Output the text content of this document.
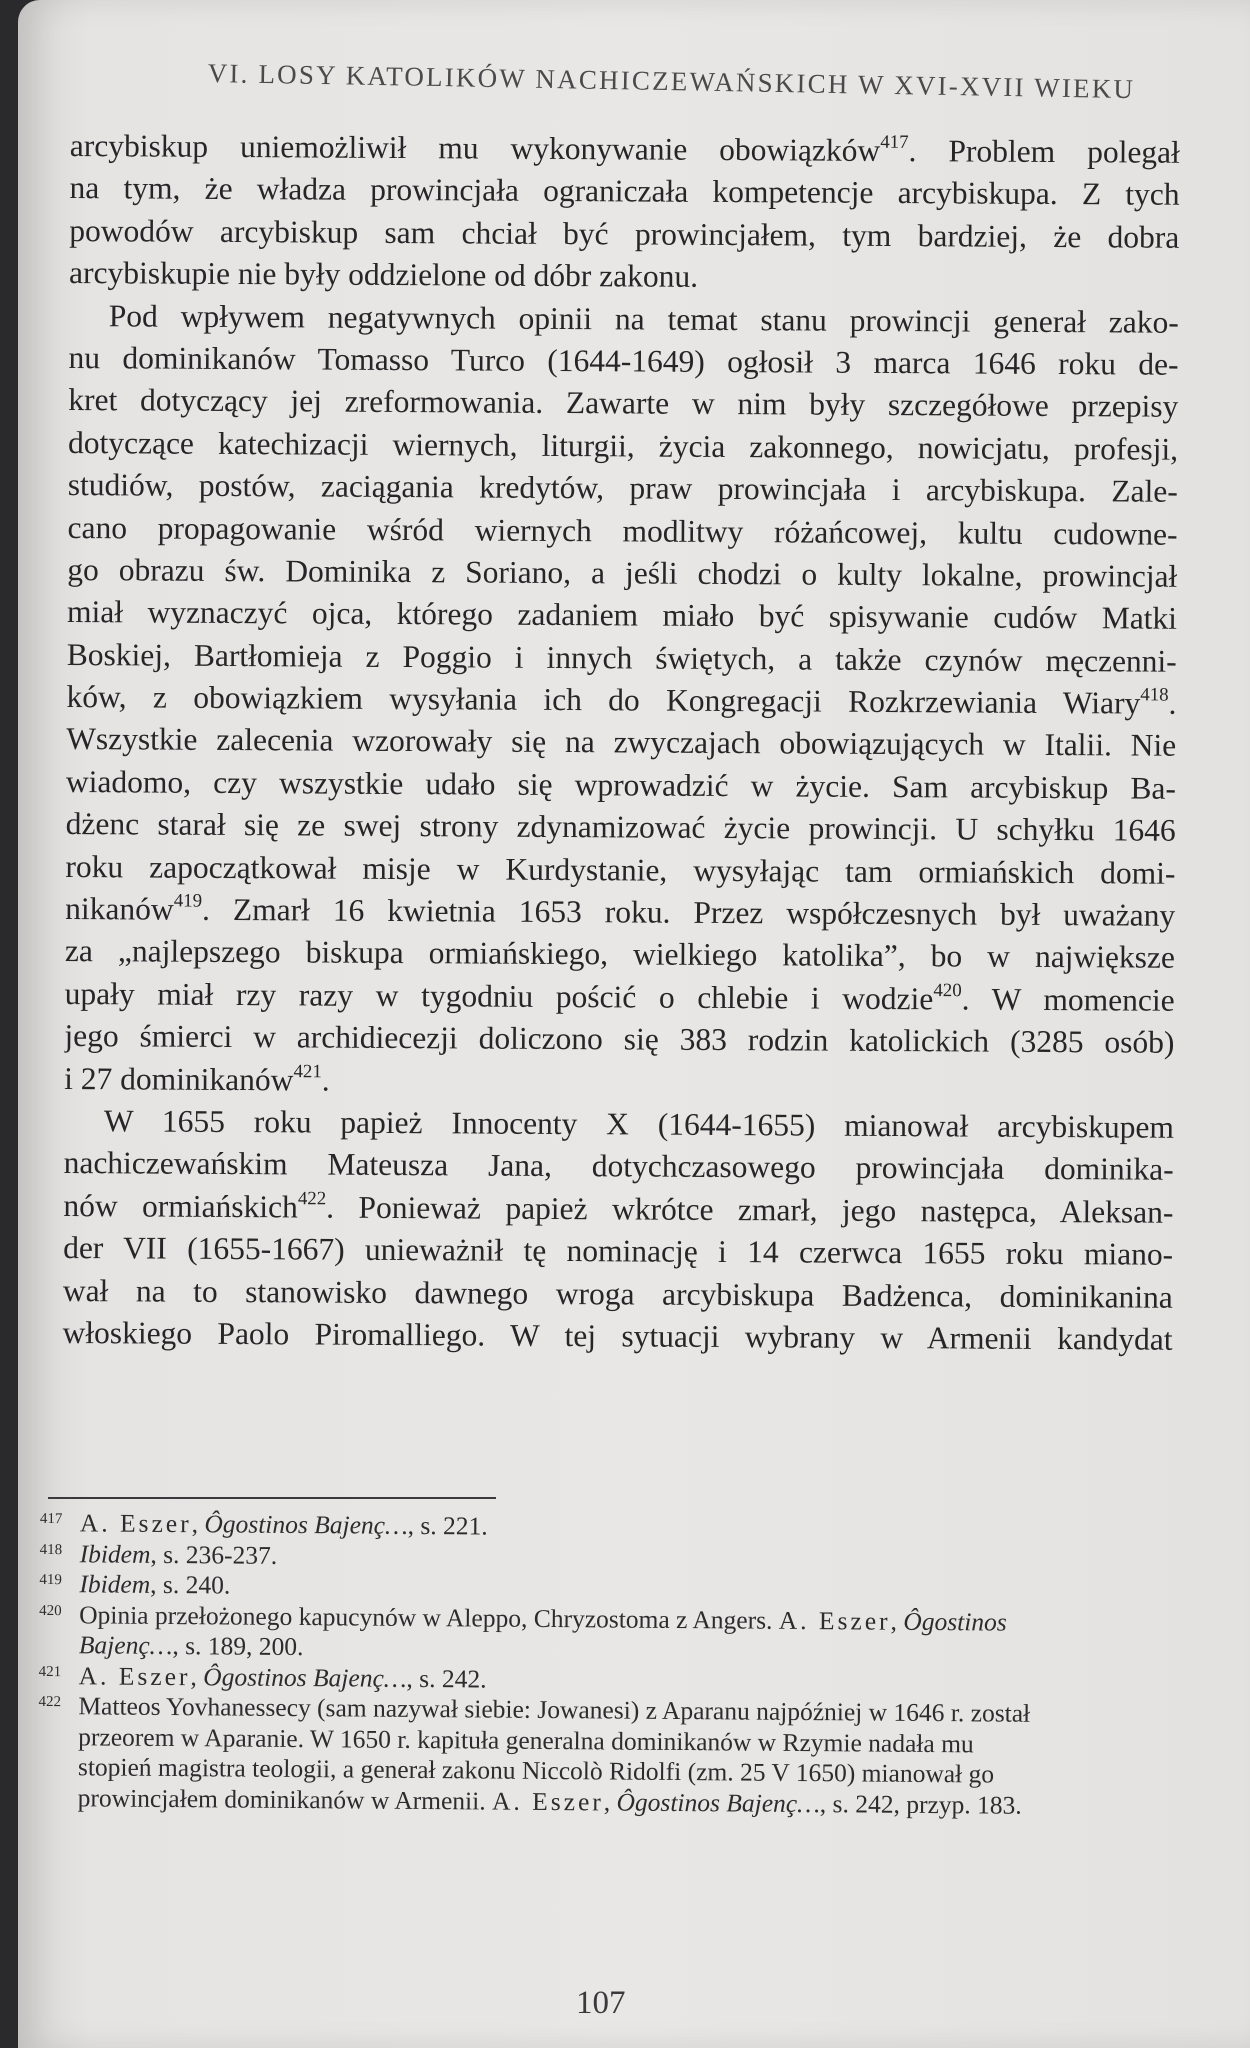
VI. LOSY KATOLIKÓW NACHICZEWAŃSKICH W XVI-XVII WIEKU
arcybiskup uniemożliwił mu wykonywanie obowiązków$^{417}$. Problem polegał
na tym, że władza prowincjała ograniczała kompetencje arcybiskupa. Z tych
powodów arcybiskup sam chciał być prowincjałem, tym bardziej, że dobra
arcybiskupie nie były oddzielone od dóbr zakonu.
Pod wpływem negatywnych opinii na temat stanu prowincji generał zako-
nu dominikanów Tomasso Turco (1644-1649) ogłosił 3 marca 1646 roku de-
kret dotyczący jej zreformowania. Zawarte w nim były szczegółowe przepisy
dotyczące katechizacji wiernych, liturgii, życia zakonnego, nowicjatu, profesji,
studiów, postów, zaciągania kredytów, praw prowincjała i arcybiskupa. Zale-
cano propagowanie wśród wiernych modlitwy różańcowej, kultu cudowne-
go obrazu św. Dominika z Soriano, a jeśli chodzi o kulty lokalne, prowincjał
miał wyznaczyć ojca, którego zadaniem miało być spisywanie cudów Matki
Boskiej, Bartłomieja z Poggio i innych świętych, a także czynów męczenni-
ków, z obowiązkiem wysyłania ich do Kongregacji Rozkrzewiania Wiary$^{418}$.
Wszystkie zalecenia wzorowały się na zwyczajach obowiązujących w Italii. Nie
wiadomo, czy wszystkie udało się wprowadzić w życie. Sam arcybiskup Ba-
dżenc starał się ze swej strony zdynamizować życie prowincji. U schyłku 1646
roku zapoczątkował misje w Kurdystanie, wysyłając tam ormiańskich domi-
nikanów$^{419}$. Zmarł 16 kwietnia 1653 roku. Przez współczesnych był uważany
za „najlepszego biskupa ormiańskiego, wielkiego katolika”, bo w największe
upały miał rzy razy w tygodniu pościć o chlebie i wodzie$^{420}$. W momencie
jego śmierci w archidiecezji doliczono się 383 rodzin katolickich (3285 osób)
i 27 dominikanów$^{421}$.
W 1655 roku papież Innocenty X (1644-1655) mianował arcybiskupem
nachiczewańskim Mateusza Jana, dotychczasowego prowincjała dominika-
nów ormiańskich$^{422}$. Ponieważ papież wkrótce zmarł, jego następca, Aleksan-
der VII (1655-1667) unieważnił tę nominację i 14 czerwca 1655 roku miano-
wał na to stanowisko dawnego wroga arcybiskupa Badżenca, dominikanina
włoskiego Paolo Piromalliego. W tej sytuacji wybrany w Armenii kandydat
417 A. Eszer, Ôgostinos Bajenç…, s. 221.
418 Ibidem, s. 236-237.
419 Ibidem, s. 240.
420 Opinia przełożonego kapucynów w Aleppo, Chryzostoma z Angers. A. Eszer, Ôgostinos
Bajenç…, s. 189, 200.
421 A. Eszer, Ôgostinos Bajenç…, s. 242.
422 Matteos Yovhanessecy (sam nazywał siebie: Jowanesi) z Aparanu najpóźniej w 1646 r. został
przeorem w Aparanie. W 1650 r. kapituła generalna dominikanów w Rzymie nadała mu
stopień magistra teologii, a generał zakonu Niccolò Ridolfi (zm. 25 V 1650) mianował go
prowincjałem dominikanów w Armenii. A. Eszer, Ôgostinos Bajenç…, s. 242, przyp. 183.
107
